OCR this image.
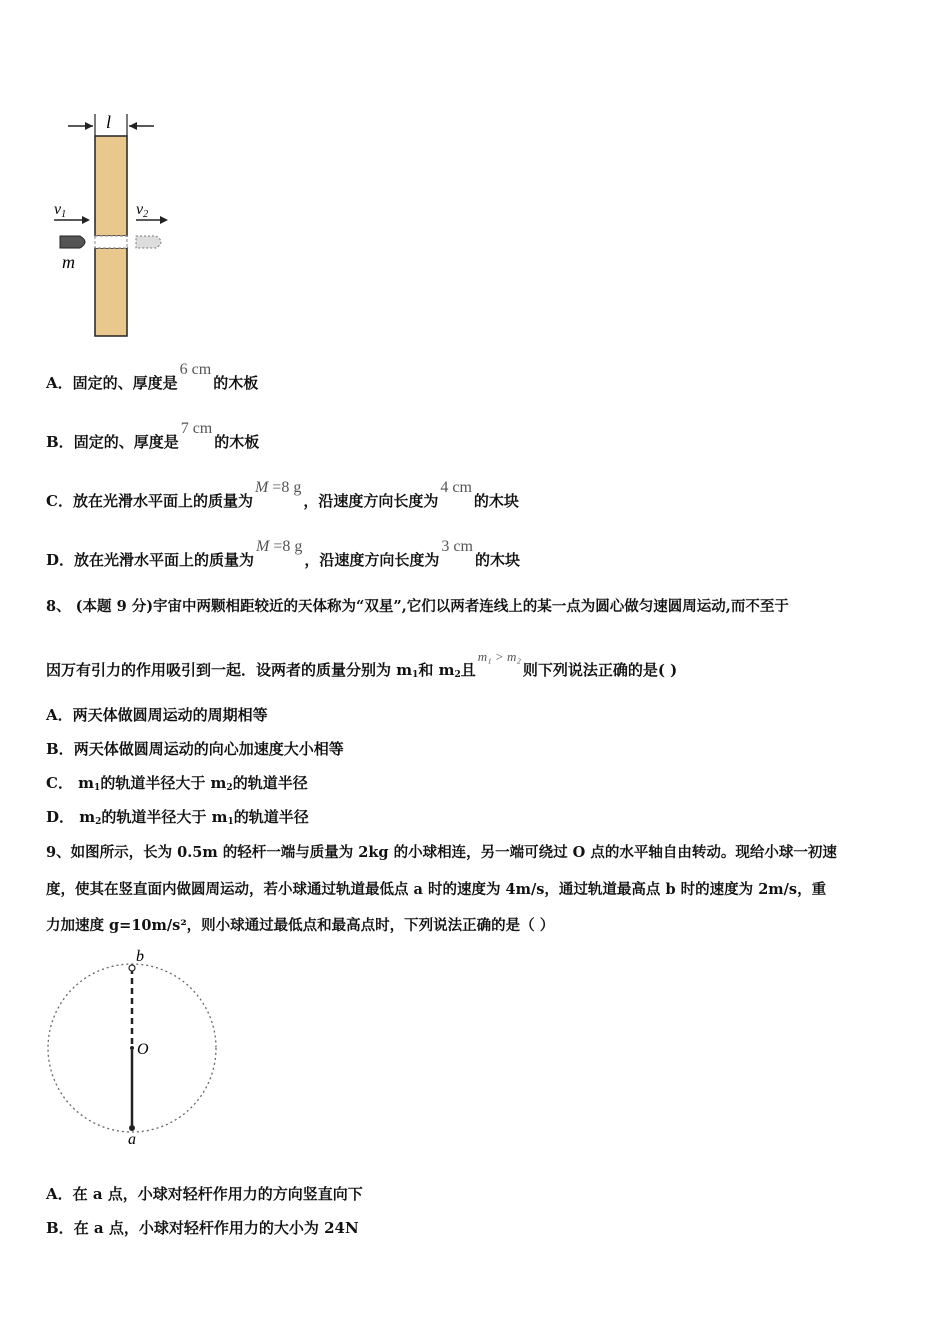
l
v1	v2
m
A．固定的、厚度是6 cm的木板
B．固定的、厚度是7 cm的木板
C．放在光滑水平面上的质量为M =8 g，沿速度方向长度为4 cm的木块
D．放在光滑水平面上的质量为M =8 g，沿速度方向长度为3 cm的木块
8、 (本题 9 分)宇宙中两颗相距较近的天体称为“双星”,它们以两者连线上的某一点为圆心做匀速圆周运动,而不至于
因万有引力的作用吸引到一起．设两者的质量分别为 $m_1$和 $m_2$且m₁ > m₂则下列说法正确的是( )
A．两天体做圆周运动的周期相等
B．两天体做圆周运动的向心加速度大小相等
C． $m_1$的轨道半径大于 $m_2$的轨道半径
D． $m_2$的轨道半径大于 $m_1$的轨道半径
9、如图所示，长为 0.5m 的轻杆一端与质量为 2kg 的小球相连，另一端可绕过 O 点的水平轴自由转动。现给小球一初速
度，使其在竖直面内做圆周运动，若小球通过轨道最低点 a 时的速度为 4m/s，通过轨道最高点 b 时的速度为 2m/s，重
力加速度 g=10m/s²，则小球通过最低点和最高点时，下列说法正确的是（ ）
b
O
a
A．在 a 点，小球对轻杆作用力的方向竖直向下
B．在 a 点，小球对轻杆作用力的大小为 24N
